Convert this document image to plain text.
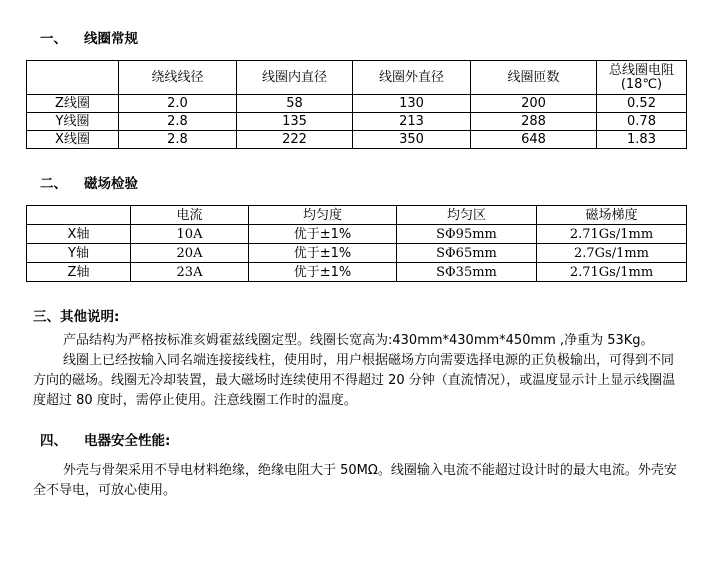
一、 线圈常规
	绕线线径	线圈内直径	线圈外直径	线圈匝数	总线圈电阻
(18℃)
Z线圈	2.0	58	130	200	0.52
Y线圈	2.8	135	213	288	0.78
X线圈	2.8	222	350	648	1.83
二、 磁场检验
	电流	均匀度	均匀区	磁场梯度
X轴	10A	优于±1%	SΦ95mm	2.71Gs/1mm
Y轴	20A	优于±1%	SΦ65mm	2.7Gs/1mm
Z轴	23A	优于±1%	SΦ35mm	2.71Gs/1mm
三、其他说明:

产品结构为严格按标准亥姆霍兹线圈定型。线圈长宽高为:430mm*430mm*450mm ,净重为 53Kg。

线圈上已经按输入同名端连接接线柱，使用时，用户根据磁场方向需要选择电源的正负极输出，可得到不同方向的磁场。线圈无冷却装置，最大磁场时连续使用不得超过 20 分钟（直流情况），或温度显示计上显示线圈温度超过 80 度时，需停止使用。注意线圈工作时的温度。

四、 电器安全性能:

外壳与骨架采用不导电材料绝缘，绝缘电阻大于 50MΩ。线圈输入电流不能超过设计时的最大电流。外壳安全不导电，可放心使用。
